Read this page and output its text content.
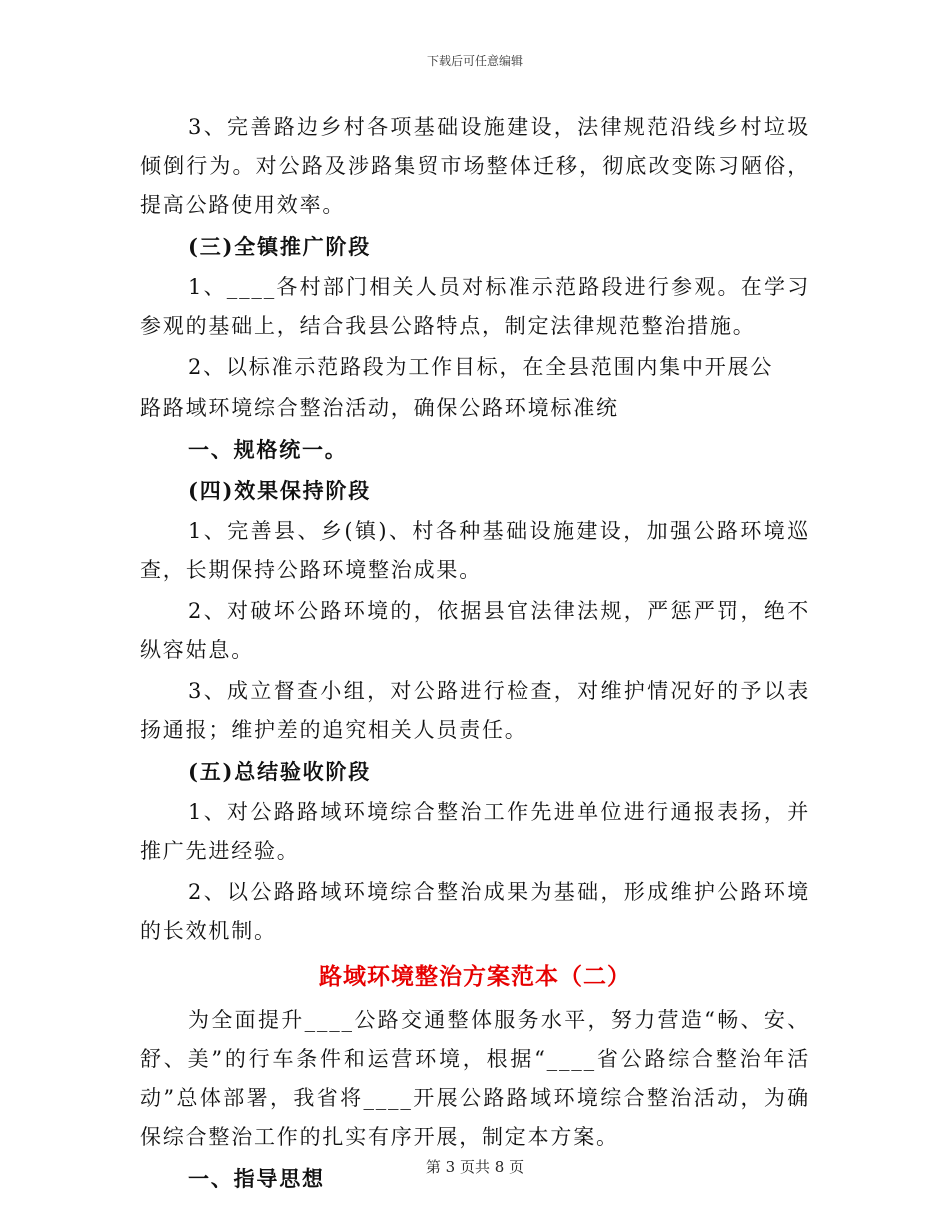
下载后可任意编辑

3、完善路边乡村各项基础设施建设，法律规范沿线乡村垃圾倾倒行为。对公路及涉路集贸市场整体迁移，彻底改变陈习陋俗，提高公路使用效率。

(三)全镇推广阶段

1、____各村部门相关人员对标准示范路段进行参观。在学习参观的基础上，结合我县公路特点，制定法律规范整治措施。

2、以标准示范路段为工作目标，在全县范围内集中开展公

路路域环境综合整治活动，确保公路环境标准统

一、规格统一。

(四)效果保持阶段

1、完善县、乡(镇)、村各种基础设施建设，加强公路环境巡查，长期保持公路环境整治成果。

2、对破坏公路环境的，依据县官法律法规，严惩严罚，绝不纵容姑息。

3、成立督查小组，对公路进行检查，对维护情况好的予以表扬通报；维护差的追究相关人员责任。

(五)总结验收阶段

1、对公路路域环境综合整治工作先进单位进行通报表扬，并推广先进经验。

2、以公路路域环境综合整治成果为基础，形成维护公路环境的长效机制。

路域环境整治方案范本（二）

为全面提升____公路交通整体服务水平，努力营造“畅、安、舒、美”的行车条件和运营环境，根据“____省公路综合整治年活动”总体部署，我省将____开展公路路域环境综合整治活动，为确保综合整治工作的扎实有序开展，制定本方案。

一、指导思想	第 3 页共 8 页
